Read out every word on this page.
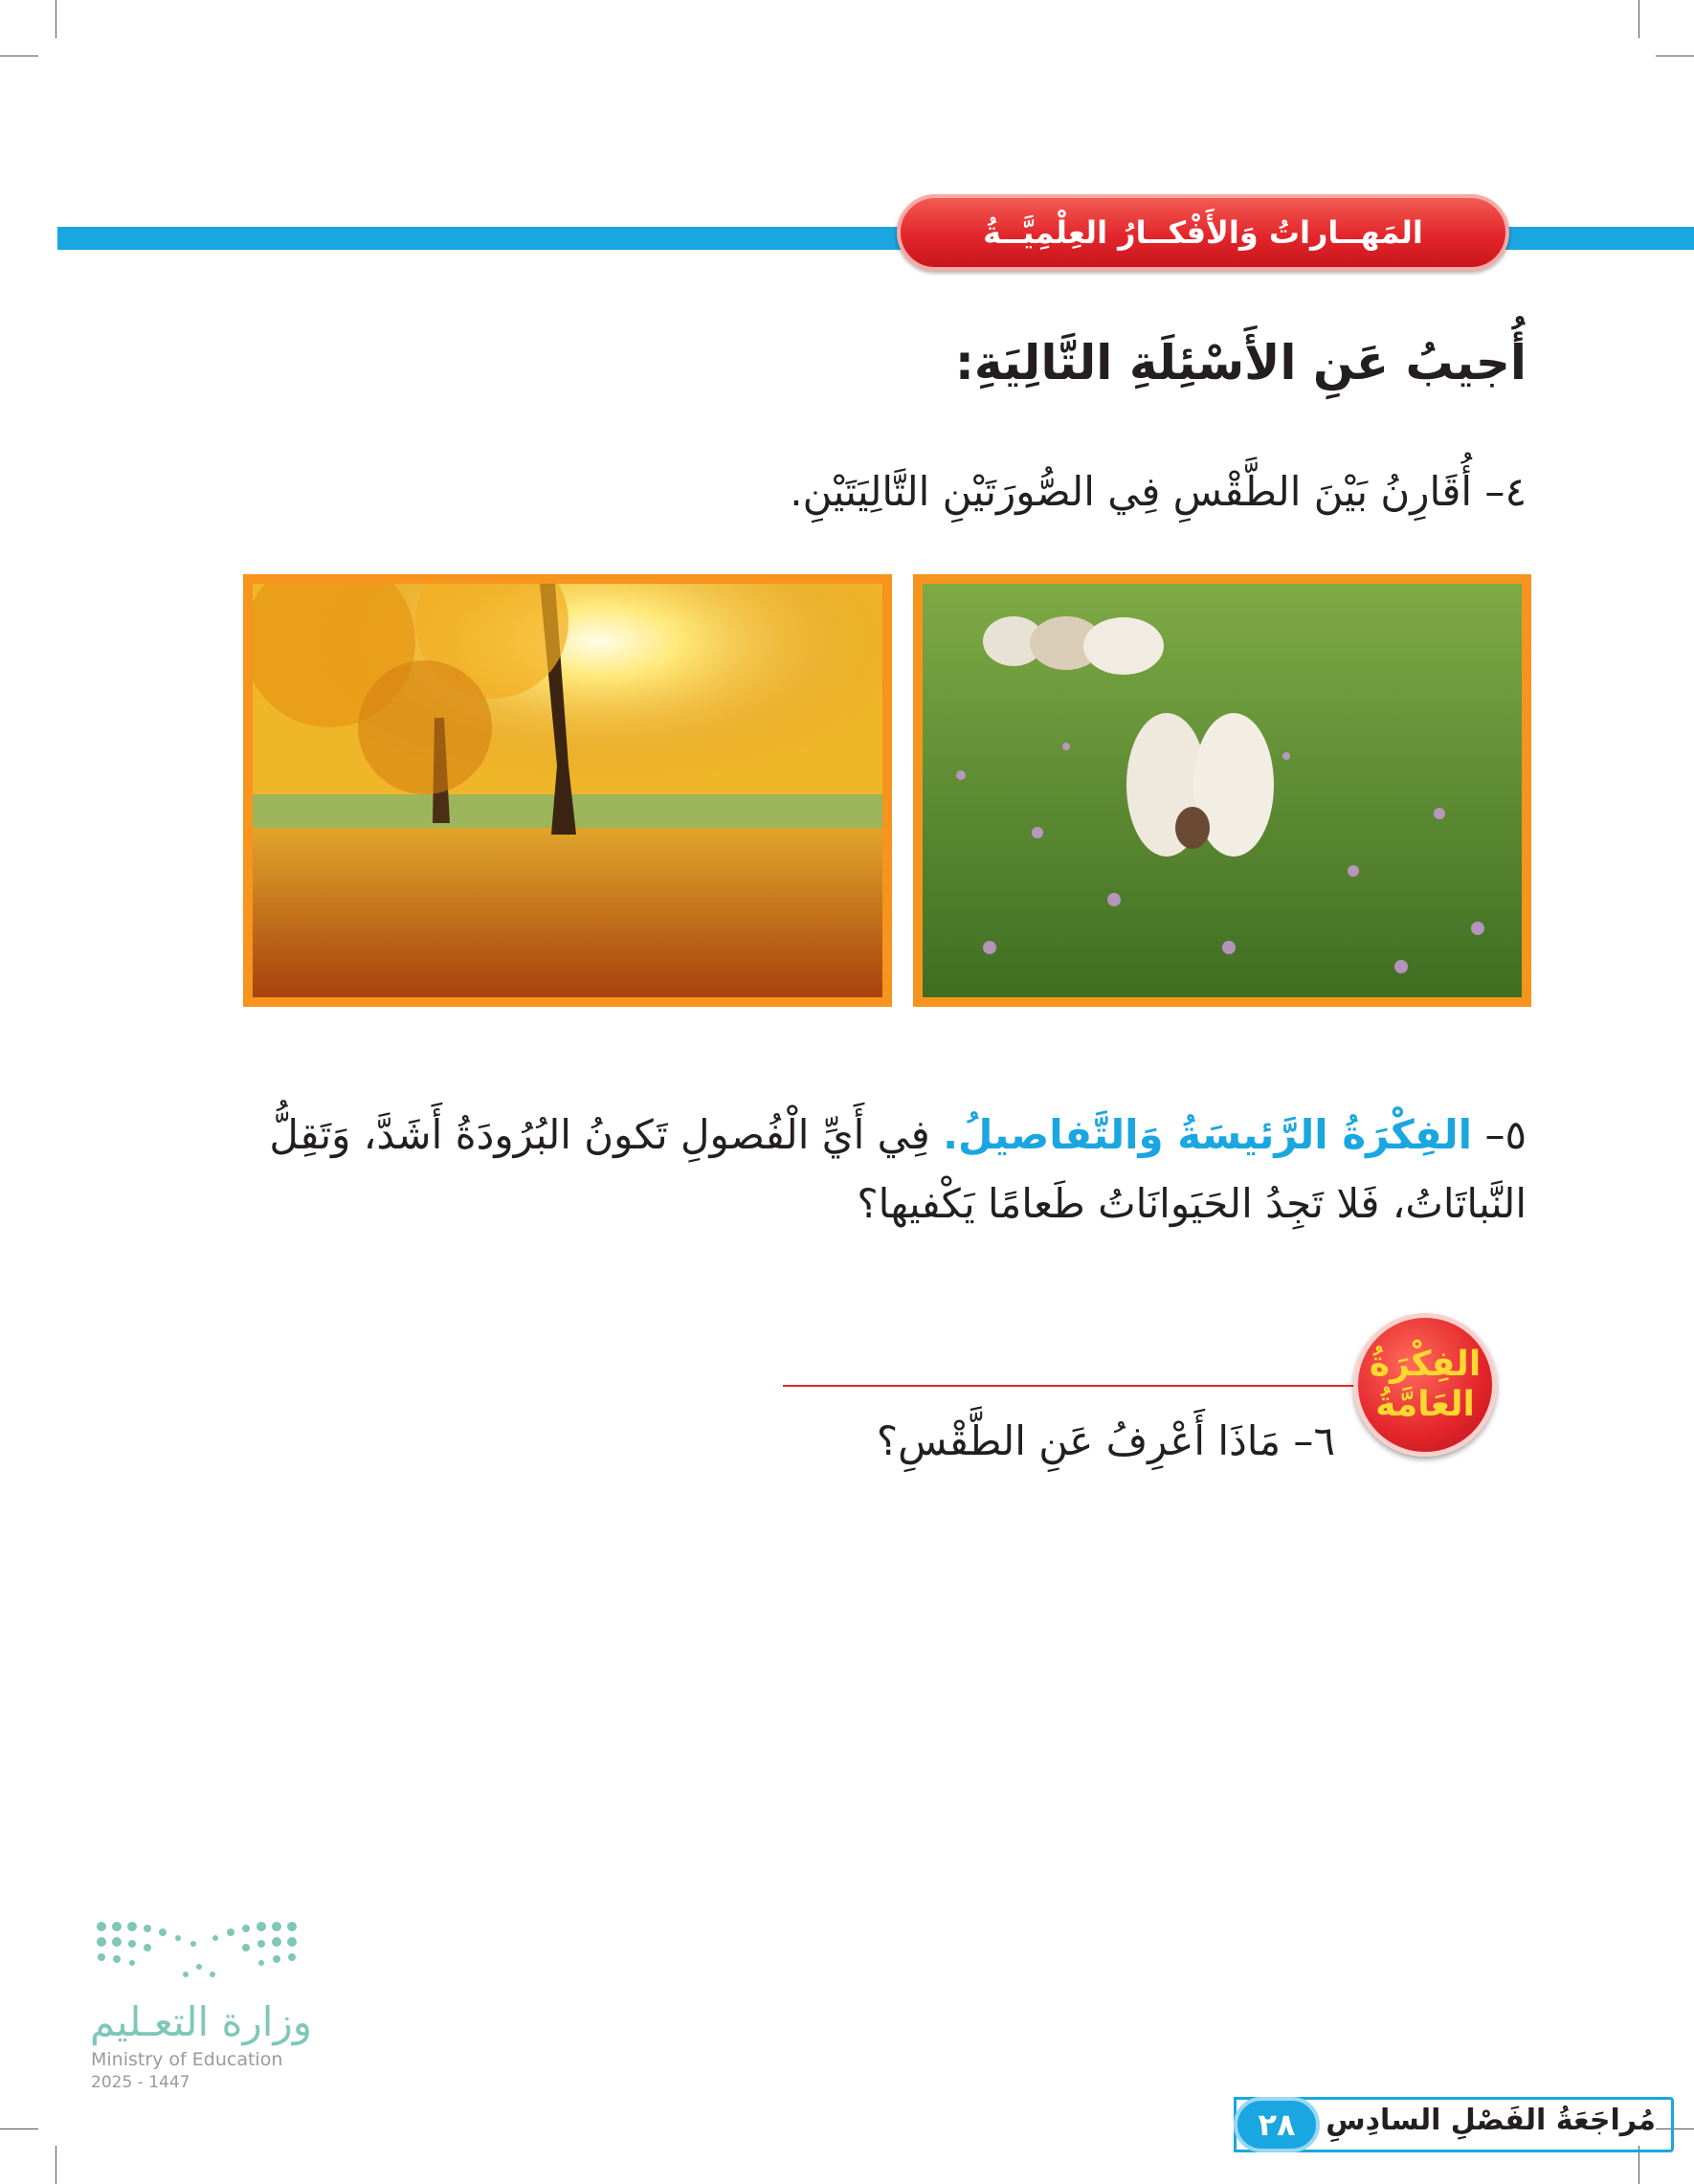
المَهــاراتُ وَالأَفْكــارُ العِلْمِيَّــةُ
أُجيبُ عَنِ الأَسْئِلَةِ التَّالِيَةِ:
٤– أُقَارِنُ بَيْنَ الطَّقْسِ فِي الصُّورَتَيْنِ التَّالِيَتَيْنِ.
٥– الفِكْرَةُ الرَّئيسَةُ وَالتَّفاصيلُ. فِي أَيِّ الْفُصولِ تَكونُ البُرُودَةُ أَشَدَّ، وَتَقِلُّ النَّباتَاتُ، فَلا تَجِدُ الحَيَوانَاتُ طَعامًا يَكْفيها؟
الفِكْرَةُ
العَامَّةُ
٦– مَاذَا أَعْرِفُ عَنِ الطَّقْسِ؟
٢٨	مُراجَعَةُ الفَصْلِ السادِسِ
وزارة التعـليم
Ministry of Education
2025 - 1447
